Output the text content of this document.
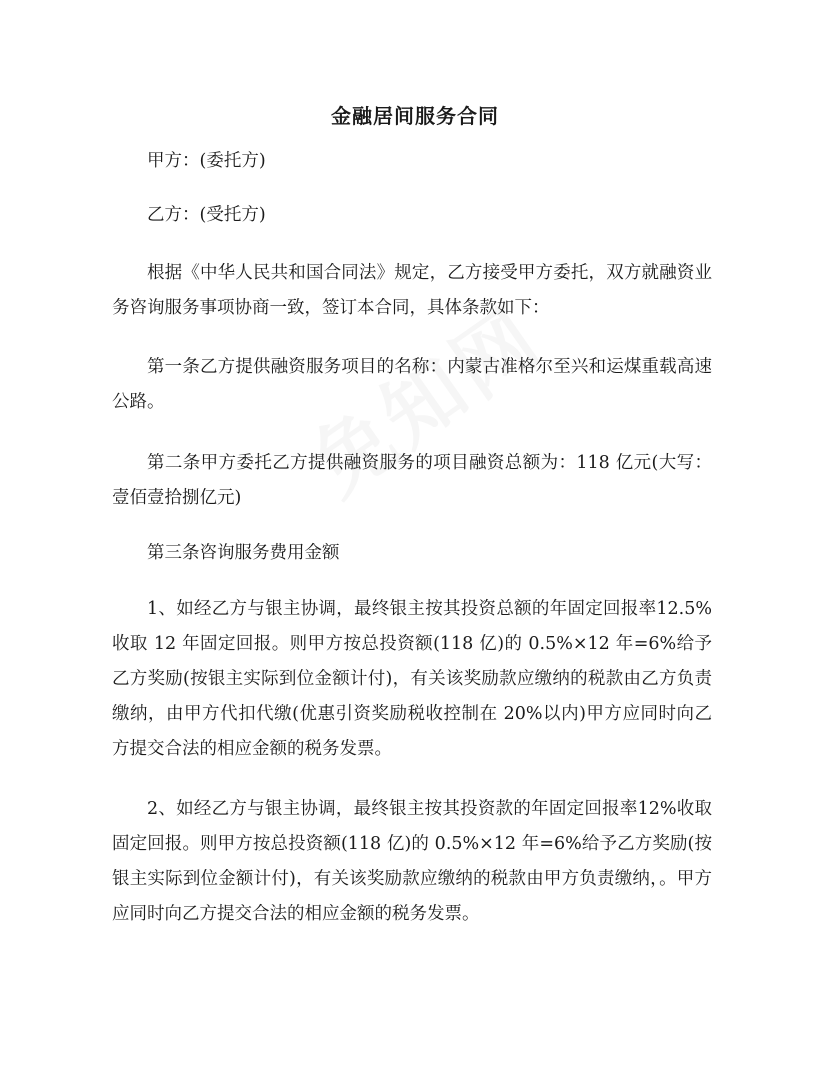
金融居间服务合同

甲方：(委托方)

乙方：(受托方)

根据《中华人民共和国合同法》规定，乙方接受甲方委托，双方就融资业务咨询服务事项协商一致，签订本合同，具体条款如下：

第一条乙方提供融资服务项目的名称：内蒙古准格尔至兴和运煤重载高速公路。

第二条甲方委托乙方提供融资服务的项目融资总额为：118 亿元(大写：壹佰壹拾捌亿元)

第三条咨询服务费用金额

1、如经乙方与银主协调，最终银主按其投资总额的年固定回报率12.5%收取 12 年固定回报。则甲方按总投资额(118 亿)的 0.5%×12 年=6%给予乙方奖励(按银主实际到位金额计付)，有关该奖励款应缴纳的税款由乙方负责缴纳，由甲方代扣代缴(优惠引资奖励税收控制在 20%以内)甲方应同时向乙方提交合法的相应金额的税务发票。

2、如经乙方与银主协调，最终银主按其投资款的年固定回报率12%收取固定回报。则甲方按总投资额(118 亿)的 0.5%×12 年=6%给予乙方奖励(按银主实际到位金额计付)，有关该奖励款应缴纳的税款由甲方负责缴纳，。甲方应同时向乙方提交合法的相应金额的税务发票。
